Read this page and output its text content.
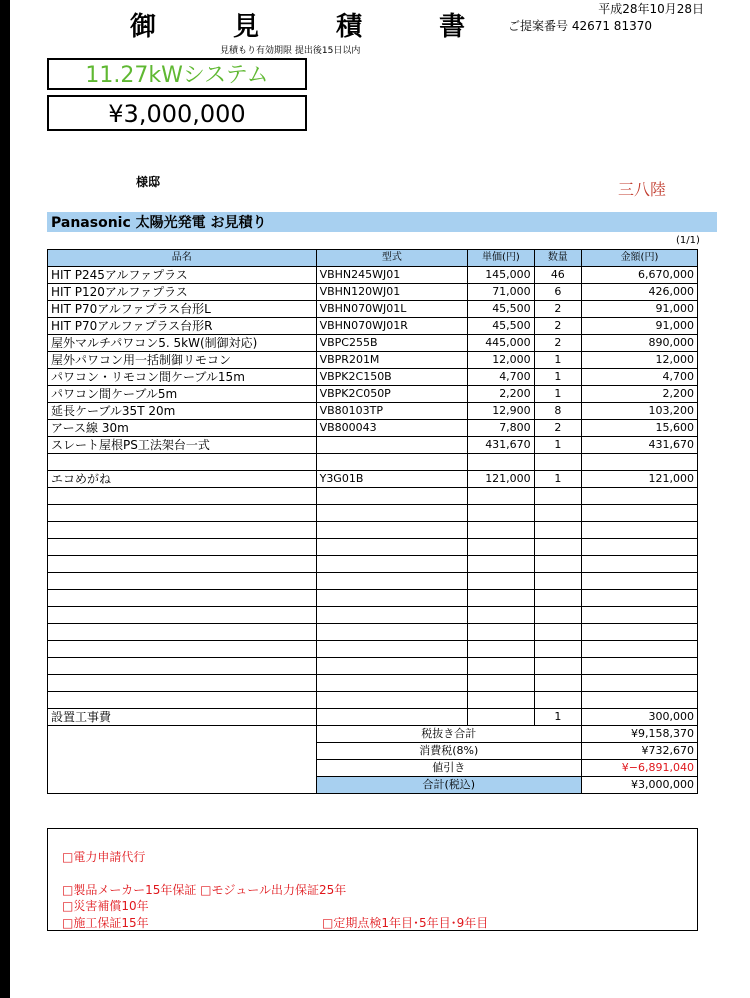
御 見 積 書
平成28年10月28日
ご提案番号 42671 81370
見積もり有効期限 提出後15日以内
11.27kWシステム
¥3,000,000
様邸	三八陸
Panasonic 太陽光発電 お見積り
(1/1)
品名	型式	単価(円)	数量	金額(円)
HIT P245アルファプラス	VBHN245WJ01	145,000	46	6,670,000
HIT P120アルファプラス	VBHN120WJ01	71,000	6	426,000
HIT P70アルファプラス台形L	VBHN070WJ01L	45,500	2	91,000
HIT P70アルファプラス台形R	VBHN070WJ01R	45,500	2	91,000
屋外マルチパワコン5. 5kW(制御対応)	VBPC255B	445,000	2	890,000
屋外パワコン用一括制御リモコン	VBPR201M	12,000	1	12,000
パワコン・リモコン間ケーブル15m	VBPK2C150B	4,700	1	4,700
パワコン間ケーブル5m	VBPK2C050P	2,200	1	2,200
延長ケーブル35T 20m	VB80103TP	12,900	8	103,200
アース線 30m	VB800043	7,800	2	15,600
スレート屋根PS工法架台一式		431,670	1	431,670

エコめがね	Y3G01B	121,000	1	121,000

設置工事費			1	300,000
	税抜き合計			¥9,158,370
	消費税(8%)			¥732,670
	値引き			¥−6,891,040
	合計(税込)			¥3,000,000
□電力申請代行
□製品メーカー15年保証 □モジュール出力保証25年
□災害補償10年
□施工保証15年	□定期点検1年目･5年目･9年目
